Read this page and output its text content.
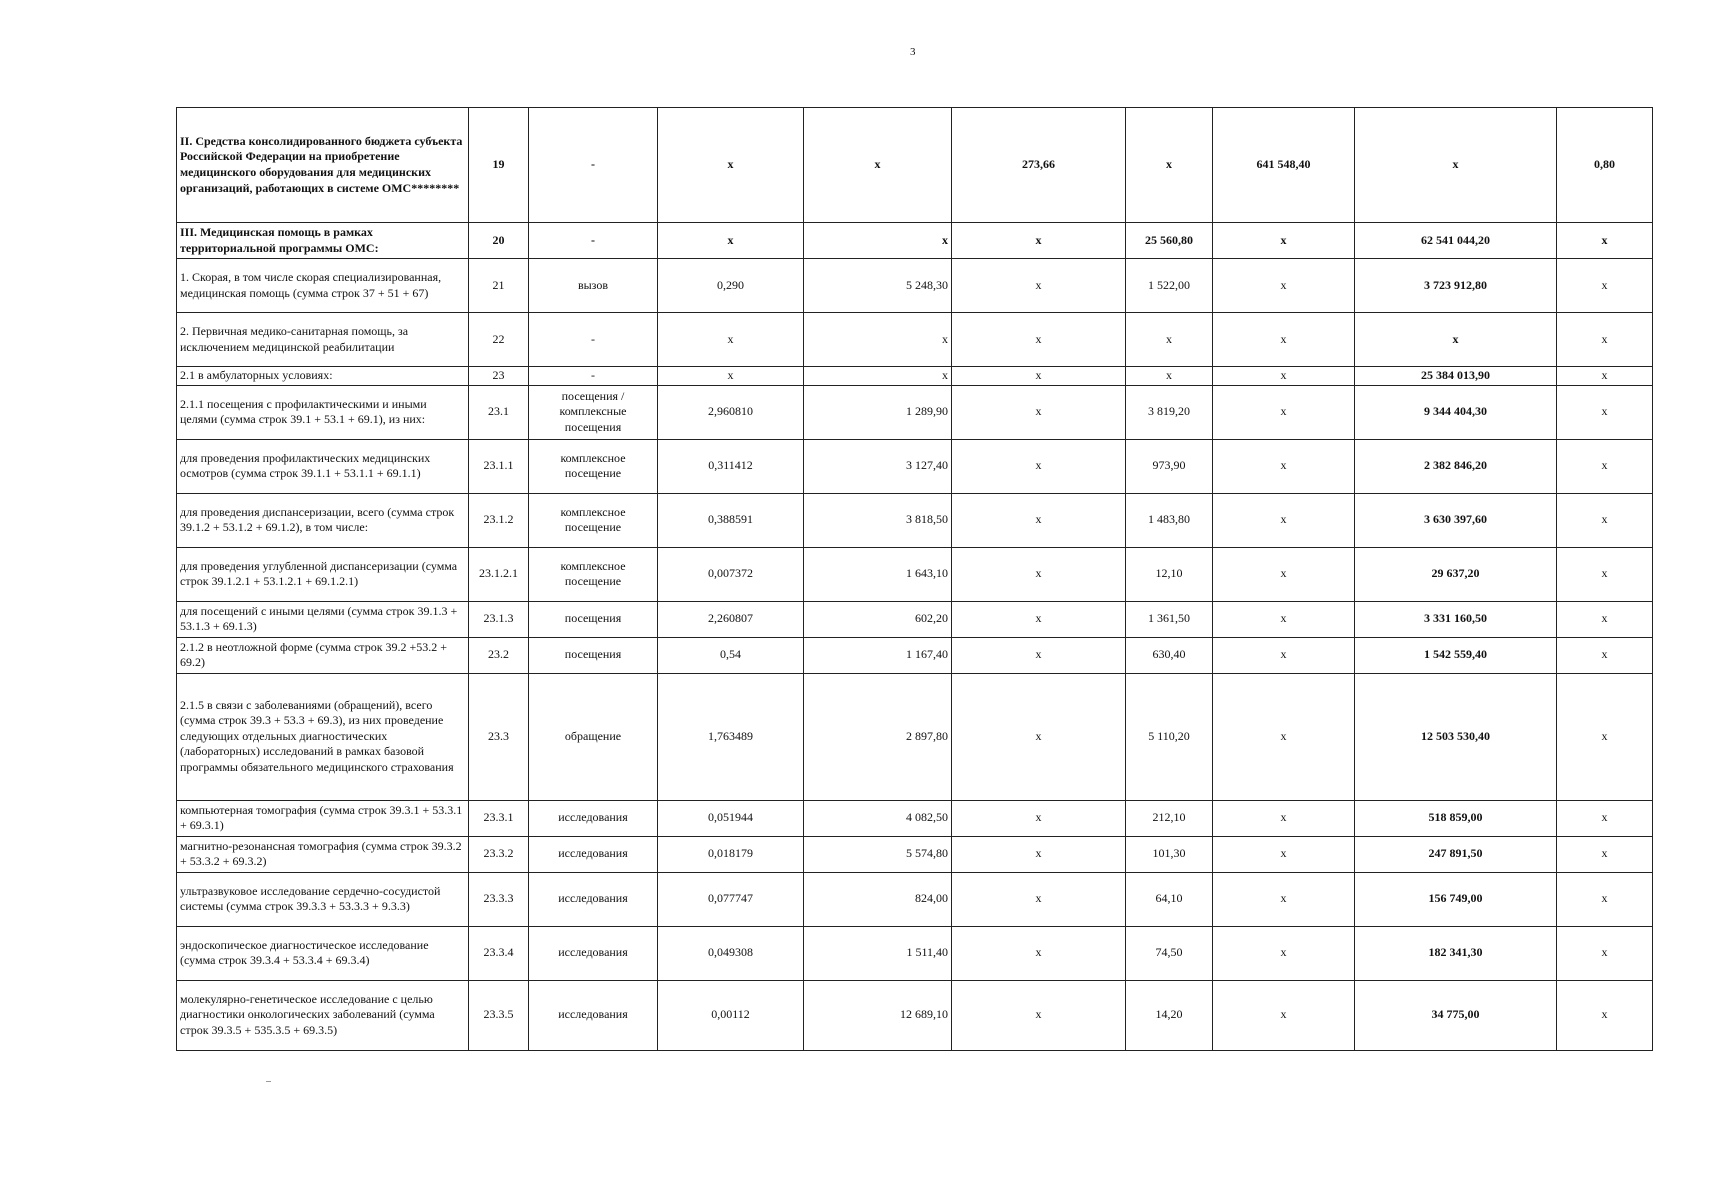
3
II. Средства консолидированного бюджета субъекта Российской Федерации на приобретение медицинского оборудования для медицинских организаций, работающих в системе ОМС********	19	-	x	x	273,66	x	641 548,40	x	0,80
III. Медицинская помощь в рамках территориальной программы ОМС:	20	-	x	x	x	25 560,80	x	62 541 044,20	x
1. Скорая, в том числе скорая специализированная, медицинская помощь (сумма строк 37 + 51 + 67)	21	вызов	0,290	5 248,30	x	1 522,00	x	3 723 912,80	x
2. Первичная медико-санитарная помощь, за исключением медицинской реабилитации	22	-	x	x	x	x	x	x	x
2.1 в амбулаторных условиях:	23	-	x	x	x	x	x	25 384 013,90	x
2.1.1 посещения с профилактическими и иными целями (сумма строк 39.1 + 53.1 + 69.1), из них:	23.1	посещения / комплексные посещения	2,960810	1 289,90	x	3 819,20	x	9 344 404,30	x
для проведения профилактических медицинских осмотров (сумма строк 39.1.1 + 53.1.1 + 69.1.1)	23.1.1	комплексное посещение	0,311412	3 127,40	x	973,90	x	2 382 846,20	x
для проведения диспансеризации, всего (сумма строк 39.1.2 + 53.1.2 + 69.1.2), в том числе:	23.1.2	комплексное посещение	0,388591	3 818,50	x	1 483,80	x	3 630 397,60	x
для проведения углубленной диспансеризации (сумма строк 39.1.2.1 + 53.1.2.1 + 69.1.2.1)	23.1.2.1	комплексное посещение	0,007372	1 643,10	x	12,10	x	29 637,20	x
для посещений с иными целями (сумма строк 39.1.3 + 53.1.3 + 69.1.3)	23.1.3	посещения	2,260807	602,20	x	1 361,50	x	3 331 160,50	x
2.1.2 в неотложной форме (сумма строк 39.2 +53.2 + 69.2)	23.2	посещения	0,54	1 167,40	x	630,40	x	1 542 559,40	x
2.1.5 в связи с заболеваниями (обращений), всего (сумма строк 39.3 + 53.3 + 69.3), из них проведение следующих отдельных диагностических (лабораторных) исследований в рамках базовой программы обязательного медицинского страхования	23.3	обращение	1,763489	2 897,80	x	5 110,20	x	12 503 530,40	x
компьютерная томография (сумма строк 39.3.1 + 53.3.1 + 69.3.1)	23.3.1	исследования	0,051944	4 082,50	x	212,10	x	518 859,00	x
магнитно-резонансная томография (сумма строк 39.3.2 + 53.3.2 + 69.3.2)	23.3.2	исследования	0,018179	5 574,80	x	101,30	x	247 891,50	x
ультразвуковое исследование сердечно-сосудистой системы (сумма строк 39.3.3 + 53.3.3 + 9.3.3)	23.3.3	исследования	0,077747	824,00	x	64,10	x	156 749,00	x
эндоскопическое диагностическое исследование (сумма строк 39.3.4 + 53.3.4 + 69.3.4)	23.3.4	исследования	0,049308	1 511,40	x	74,50	x	182 341,30	x
молекулярно-генетическое исследование с целью диагностики онкологических заболеваний (сумма строк 39.3.5 + 535.3.5 + 69.3.5)	23.3.5	исследования	0,00112	12 689,10	x	14,20	x	34 775,00	x
